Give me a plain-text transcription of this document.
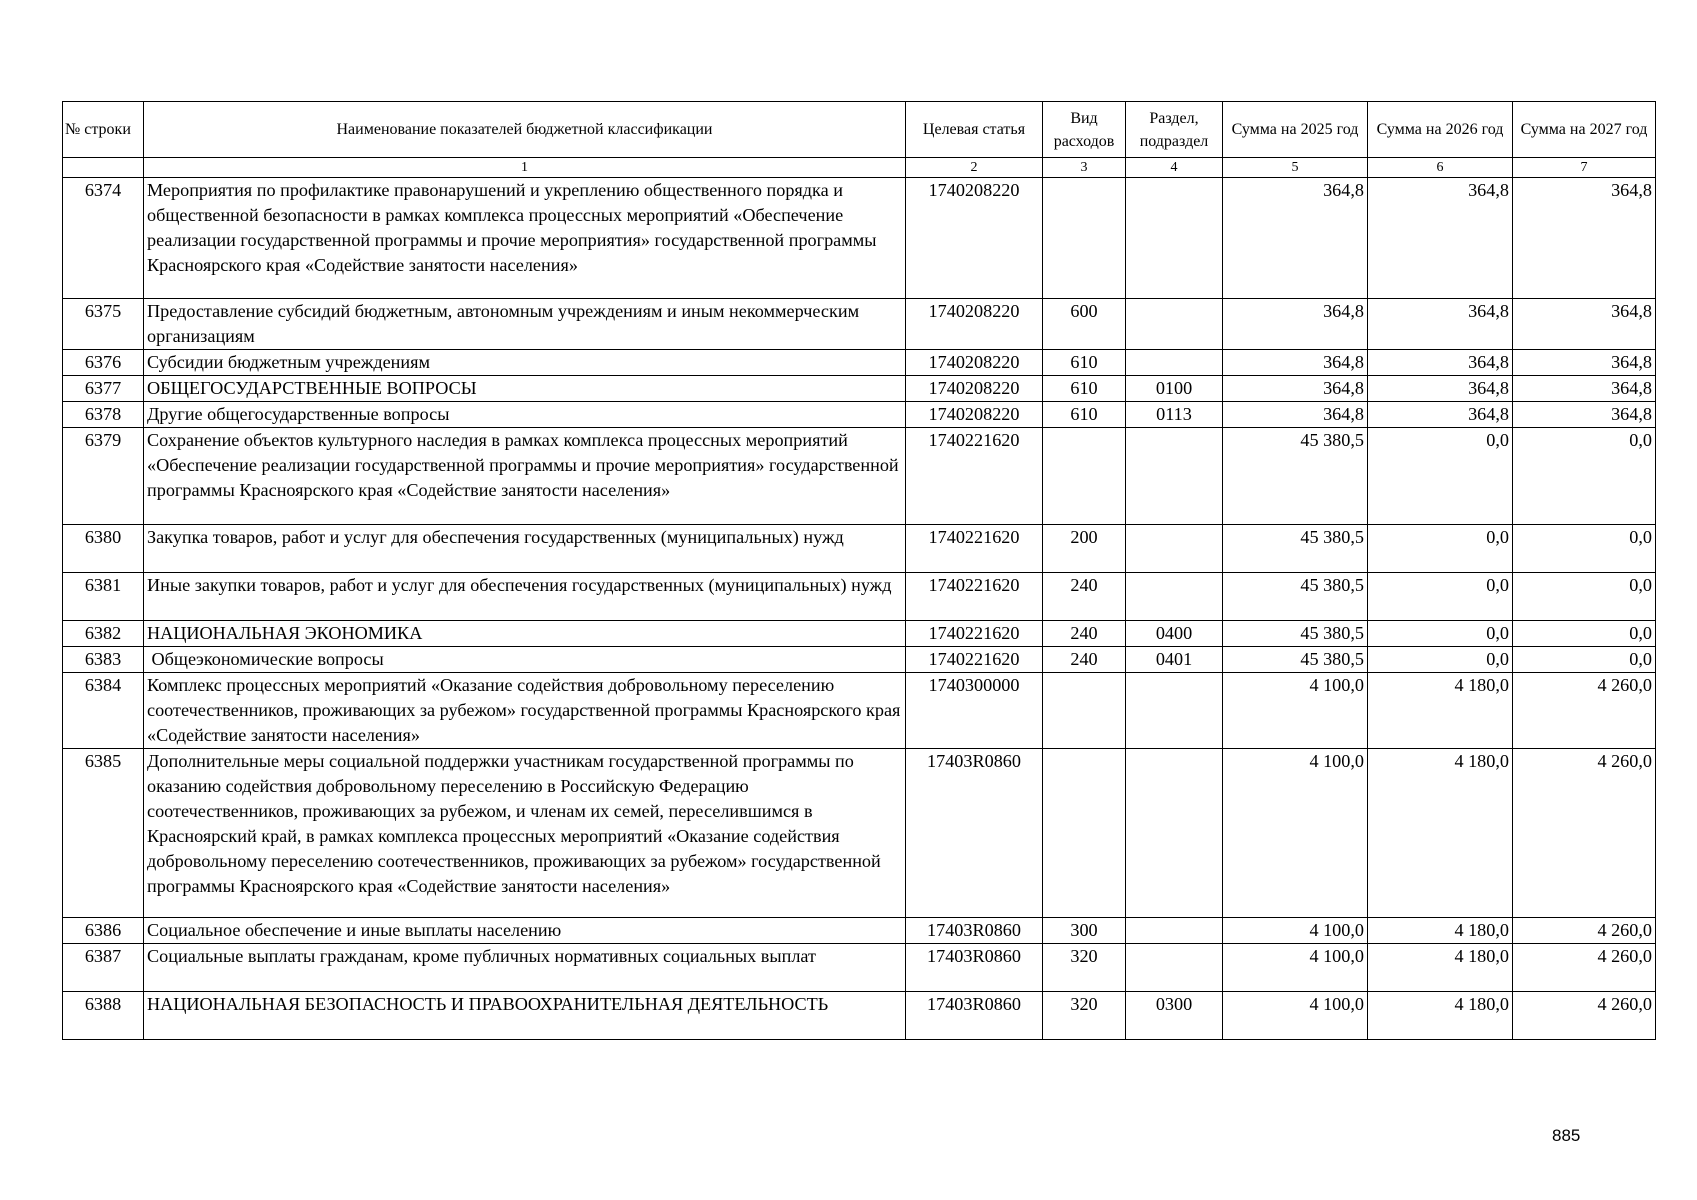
№ строки	Наименование показателей бюджетной классификации	Целевая статья	Вид расходов	Раздел, подраздел	Сумма на 2025 год	Сумма на 2026 год	Сумма на 2027 год
	1	2	3	4	5	6	7
6374	Мероприятия по профилактике правонарушений и укреплению общественного порядка и общественной безопасности в рамках комплекса процессных мероприятий «Обеспечение реализации государственной программы и прочие мероприятия» государственной программы Красноярского края «Содействие занятости населения»	1740208220			364,8	364,8	364,8
6375	Предоставление субсидий бюджетным, автономным учреждениям и иным некоммерческим организациям	1740208220	600		364,8	364,8	364,8
6376	Субсидии бюджетным учреждениям	1740208220	610		364,8	364,8	364,8
6377	ОБЩЕГОСУДАРСТВЕННЫЕ ВОПРОСЫ	1740208220	610	0100	364,8	364,8	364,8
6378	Другие общегосударственные вопросы	1740208220	610	0113	364,8	364,8	364,8
6379	Сохранение объектов культурного наследия в рамках комплекса процессных мероприятий «Обеспечение реализации государственной программы и прочие мероприятия» государственной программы Красноярского края «Содействие занятости населения»	1740221620			45 380,5	0,0	0,0
6380	Закупка товаров, работ и услуг для обеспечения государственных (муниципальных) нужд	1740221620	200		45 380,5	0,0	0,0
6381	Иные закупки товаров, работ и услуг для обеспечения государственных (муниципальных) нужд	1740221620	240		45 380,5	0,0	0,0
6382	НАЦИОНАЛЬНАЯ ЭКОНОМИКА	1740221620	240	0400	45 380,5	0,0	0,0
6383	Общеэкономические вопросы	1740221620	240	0401	45 380,5	0,0	0,0
6384	Комплекс процессных мероприятий «Оказание содействия добровольному переселению соотечественников, проживающих за рубежом» государственной программы Красноярского края «Содействие занятости населения»	1740300000			4 100,0	4 180,0	4 260,0
6385	Дополнительные меры социальной поддержки участникам государственной программы по оказанию содействия добровольному переселению в Российскую Федерацию соотечественников, проживающих за рубежом, и членам их семей, переселившимся в Красноярский край, в рамках комплекса процессных мероприятий «Оказание содействия добровольному переселению соотечественников, проживающих за рубежом» государственной программы Красноярского края «Содействие занятости населения»	17403R0860			4 100,0	4 180,0	4 260,0
6386	Социальное обеспечение и иные выплаты населению	17403R0860	300		4 100,0	4 180,0	4 260,0
6387	Социальные выплаты гражданам, кроме публичных нормативных социальных выплат	17403R0860	320		4 100,0	4 180,0	4 260,0
6388	НАЦИОНАЛЬНАЯ БЕЗОПАСНОСТЬ И ПРАВООХРАНИТЕЛЬНАЯ ДЕЯТЕЛЬНОСТЬ	17403R0860	320	0300	4 100,0	4 180,0	4 260,0
885
